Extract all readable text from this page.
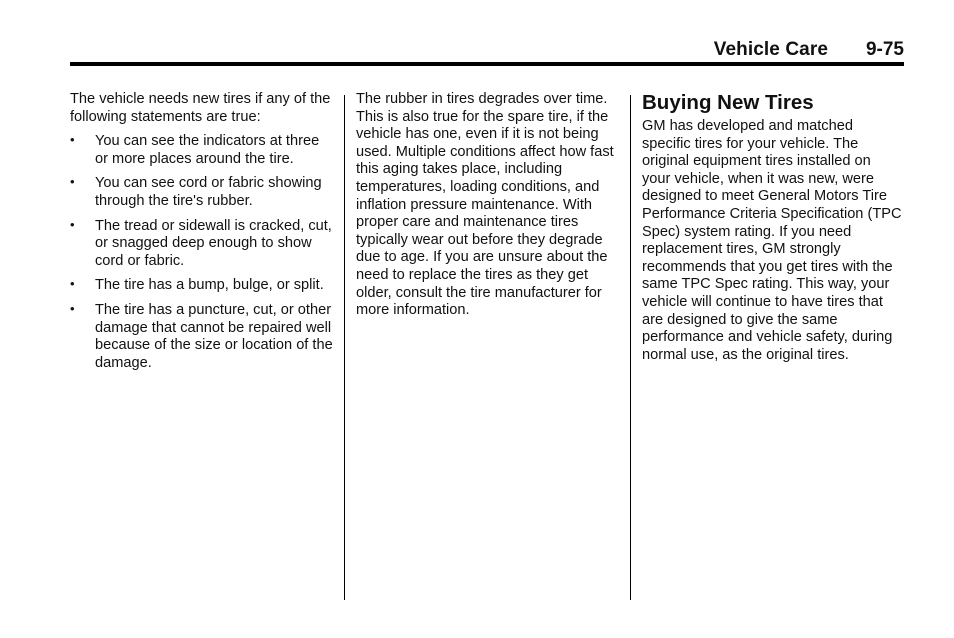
Vehicle Care 9-75

The vehicle needs new tires if any of the following statements are true:

• You can see the indicators at three or more places around the tire.
• You can see cord or fabric showing through the tire's rubber.
• The tread or sidewall is cracked, cut, or snagged deep enough to show cord or fabric.
• The tire has a bump, bulge, or split.
• The tire has a puncture, cut, or other damage that cannot be repaired well because of the size or location of the damage.

The rubber in tires degrades over time. This is also true for the spare tire, if the vehicle has one, even if it is not being used. Multiple conditions affect how fast this aging takes place, including temperatures, loading conditions, and inflation pressure maintenance. With proper care and maintenance tires typically wear out before they degrade due to age. If you are unsure about the need to replace the tires as they get older, consult the tire manufacturer for more information.

Buying New Tires

GM has developed and matched specific tires for your vehicle. The original equipment tires installed on your vehicle, when it was new, were designed to meet General Motors Tire Performance Criteria Specification (TPC Spec) system rating. If you need replacement tires, GM strongly recommends that you get tires with the same TPC Spec rating. This way, your vehicle will continue to have tires that are designed to give the same performance and vehicle safety, during normal use, as the original tires.
